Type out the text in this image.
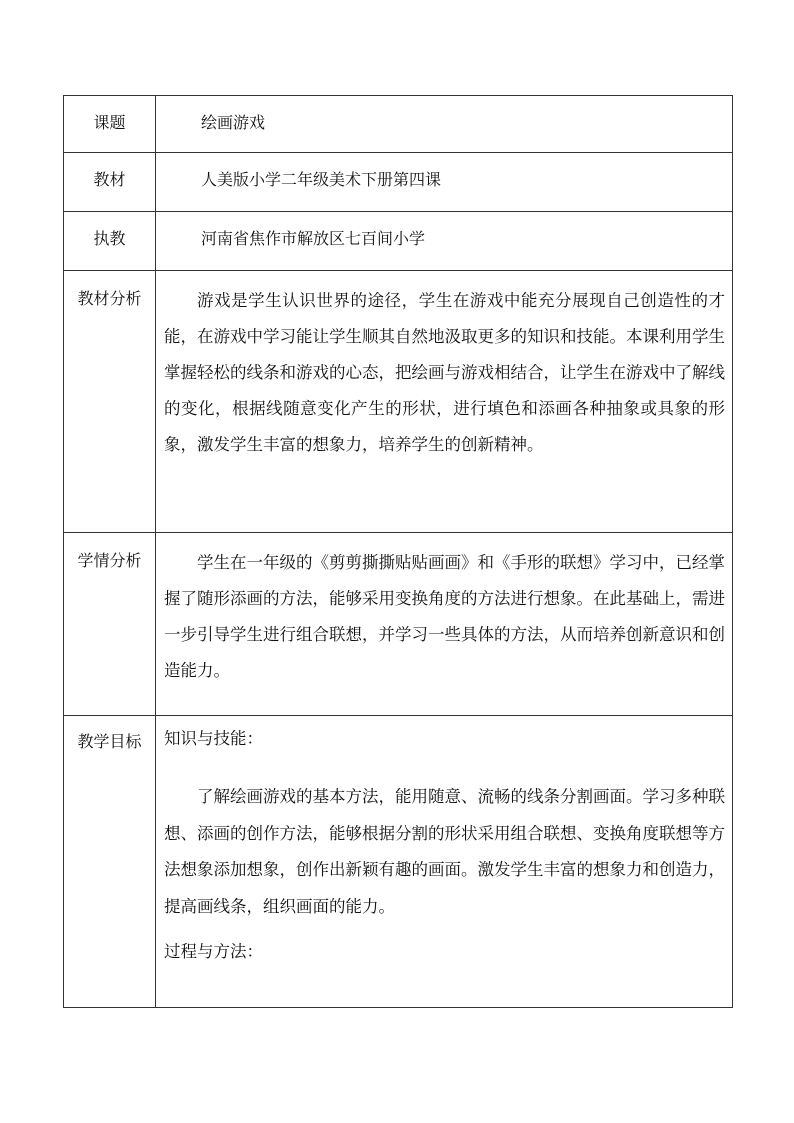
课题	绘画游戏

教材	人美版小学二年级美术下册第四课

执教	河南省焦作市解放区七百间小学

教材分析	游戏是学生认识世界的途径，学生在游戏中能充分展现自己创造性的才能，在游戏中学习能让学生顺其自然地汲取更多的知识和技能。本课利用学生掌握轻松的线条和游戏的心态，把绘画与游戏相结合，让学生在游戏中了解线的变化，根据线随意变化产生的形状，进行填色和添画各种抽象或具象的形象，激发学生丰富的想象力，培养学生的创新精神。

学情分析	学生在一年级的《剪剪撕撕贴贴画画》和《手形的联想》学习中，已经掌握了随形添画的方法，能够采用变换角度的方法进行想象。在此基础上，需进一步引导学生进行组合联想，并学习一些具体的方法，从而培养创新意识和创造能力。

教学目标	知识与技能：

了解绘画游戏的基本方法，能用随意、流畅的线条分割画面。学习多种联想、添画的创作方法，能够根据分割的形状采用组合联想、变换角度联想等方法想象添加想象，创作出新颖有趣的画面。激发学生丰富的想象力和创造力，提高画线条，组织画面的能力。

过程与方法：
